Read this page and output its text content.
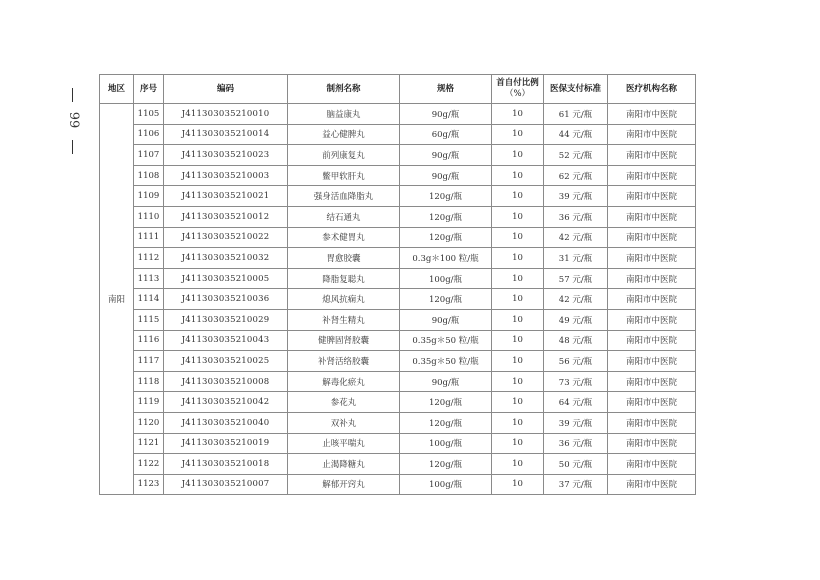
99
地区	序号	编码	制剂名称	规格	首自付比例
（%）	医保支付标准	医疗机构名称
南阳	1105	J411303035210010	脑益康丸	90g/瓶	10	61 元/瓶	南阳市中医院
	1106	J411303035210014	益心健脾丸	60g/瓶	10	44 元/瓶	南阳市中医院
	1107	J411303035210023	前列康复丸	90g/瓶	10	52 元/瓶	南阳市中医院
	1108	J411303035210003	鳖甲软肝丸	90g/瓶	10	62 元/瓶	南阳市中医院
	1109	J411303035210021	强身活血降脂丸	120g/瓶	10	39 元/瓶	南阳市中医院
	1110	J411303035210012	结石通丸	120g/瓶	10	36 元/瓶	南阳市中医院
	1111	J411303035210022	参术健胃丸	120g/瓶	10	42 元/瓶	南阳市中医院
	1112	J411303035210032	胃愈胶囊	0.3g＊100 粒/瓶	10	31 元/瓶	南阳市中医院
	1113	J411303035210005	降脂复聪丸	100g/瓶	10	57 元/瓶	南阳市中医院
	1114	J411303035210036	熄风抗痫丸	120g/瓶	10	42 元/瓶	南阳市中医院
	1115	J411303035210029	补肾生精丸	90g/瓶	10	49 元/瓶	南阳市中医院
	1116	J411303035210043	健脾固肾胶囊	0.35g＊50 粒/瓶	10	48 元/瓶	南阳市中医院
	1117	J411303035210025	补肾活络胶囊	0.35g＊50 粒/瓶	10	56 元/瓶	南阳市中医院
	1118	J411303035210008	解毒化瘀丸	90g/瓶	10	73 元/瓶	南阳市中医院
	1119	J411303035210042	参花丸	120g/瓶	10	64 元/瓶	南阳市中医院
	1120	J411303035210040	双补丸	120g/瓶	10	39 元/瓶	南阳市中医院
	1121	J411303035210019	止咳平喘丸	100g/瓶	10	36 元/瓶	南阳市中医院
	1122	J411303035210018	止渴降糖丸	120g/瓶	10	50 元/瓶	南阳市中医院
	1123	J411303035210007	解郁开窍丸	100g/瓶	10	37 元/瓶	南阳市中医院
